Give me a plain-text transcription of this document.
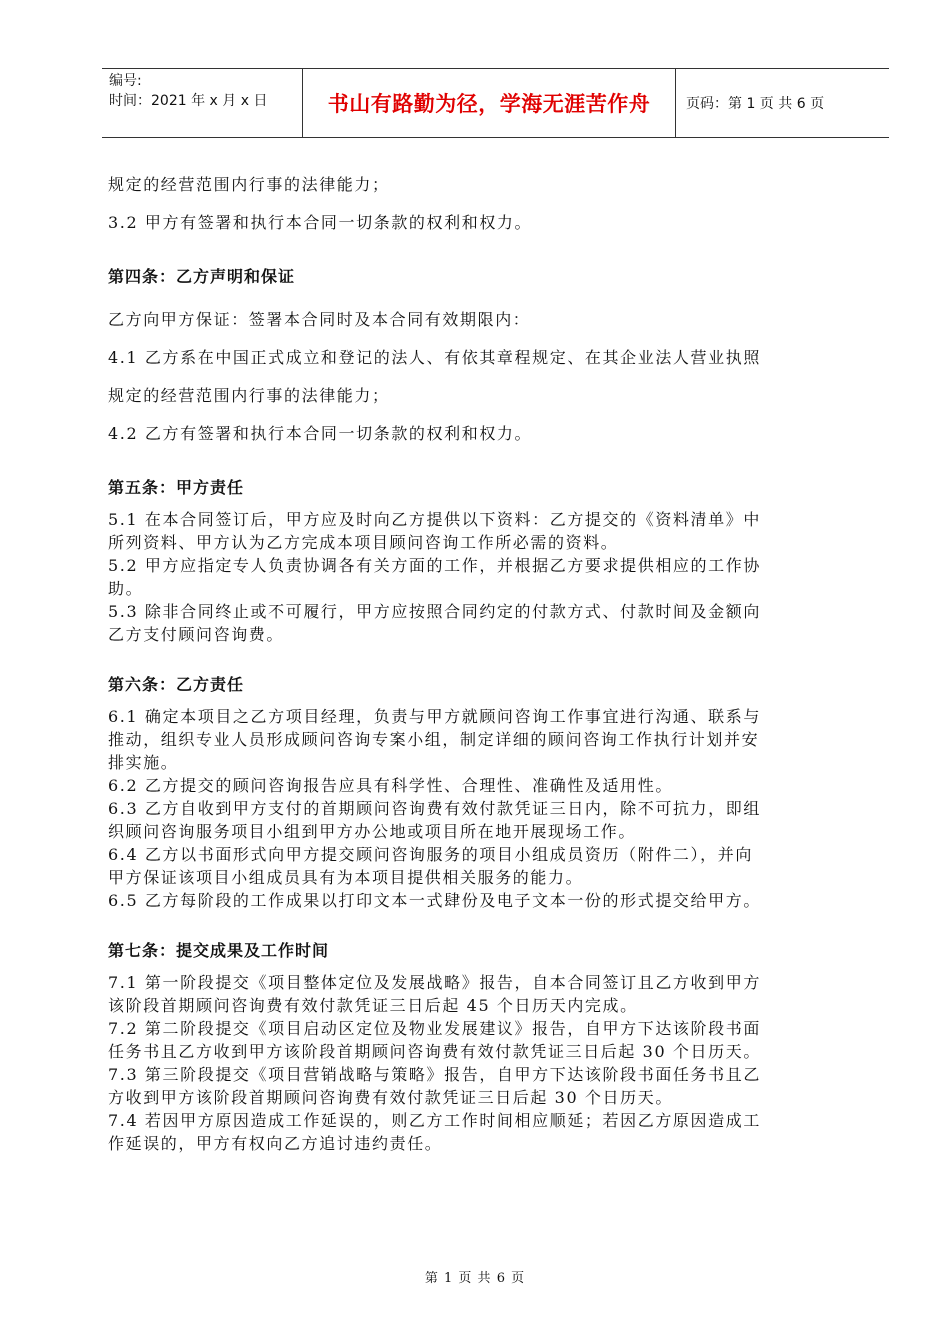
编号:
时间：2021 年 x 月 x 日	书山有路勤为径，学海无涯苦作舟	页码：第 1 页 共 6 页

规定的经营范围内行事的法律能力；

3.2 甲方有签署和执行本合同一切条款的权利和权力。

第四条：乙方声明和保证

乙方向甲方保证：签署本合同时及本合同有效期限内：

4.1 乙方系在中国正式成立和登记的法人、有依其章程规定、在其企业法人营业执照

规定的经营范围内行事的法律能力；

4.2 乙方有签署和执行本合同一切条款的权利和权力。

第五条：甲方责任

5.1 在本合同签订后，甲方应及时向乙方提供以下资料：乙方提交的《资料清单》中

所列资料、甲方认为乙方完成本项目顾问咨询工作所必需的资料。

5.2 甲方应指定专人负责协调各有关方面的工作，并根据乙方要求提供相应的工作协

助。

5.3 除非合同终止或不可履行，甲方应按照合同约定的付款方式、付款时间及金额向

乙方支付顾问咨询费。

第六条：乙方责任

6.1 确定本项目之乙方项目经理，负责与甲方就顾问咨询工作事宜进行沟通、联系与

推动，组织专业人员形成顾问咨询专案小组，制定详细的顾问咨询工作执行计划并安

排实施。

6.2 乙方提交的顾问咨询报告应具有科学性、合理性、准确性及适用性。

6.3 乙方自收到甲方支付的首期顾问咨询费有效付款凭证三日内，除不可抗力，即组

织顾问咨询服务项目小组到甲方办公地或项目所在地开展现场工作。

6.4 乙方以书面形式向甲方提交顾问咨询服务的项目小组成员资历（附件二），并向

甲方保证该项目小组成员具有为本项目提供相关服务的能力。

6.5 乙方每阶段的工作成果以打印文本一式肆份及电子文本一份的形式提交给甲方。

第七条：提交成果及工作时间

7.1 第一阶段提交《项目整体定位及发展战略》报告，自本合同签订且乙方收到甲方

该阶段首期顾问咨询费有效付款凭证三日后起 45 个日历天内完成。

7.2 第二阶段提交《项目启动区定位及物业发展建议》报告，自甲方下达该阶段书面

任务书且乙方收到甲方该阶段首期顾问咨询费有效付款凭证三日后起 30 个日历天。

7.3 第三阶段提交《项目营销战略与策略》报告，自甲方下达该阶段书面任务书且乙

方收到甲方该阶段首期顾问咨询费有效付款凭证三日后起 30 个日历天。

7.4 若因甲方原因造成工作延误的，则乙方工作时间相应顺延；若因乙方原因造成工

作延误的，甲方有权向乙方追讨违约责任。

第 1 页 共 6 页
